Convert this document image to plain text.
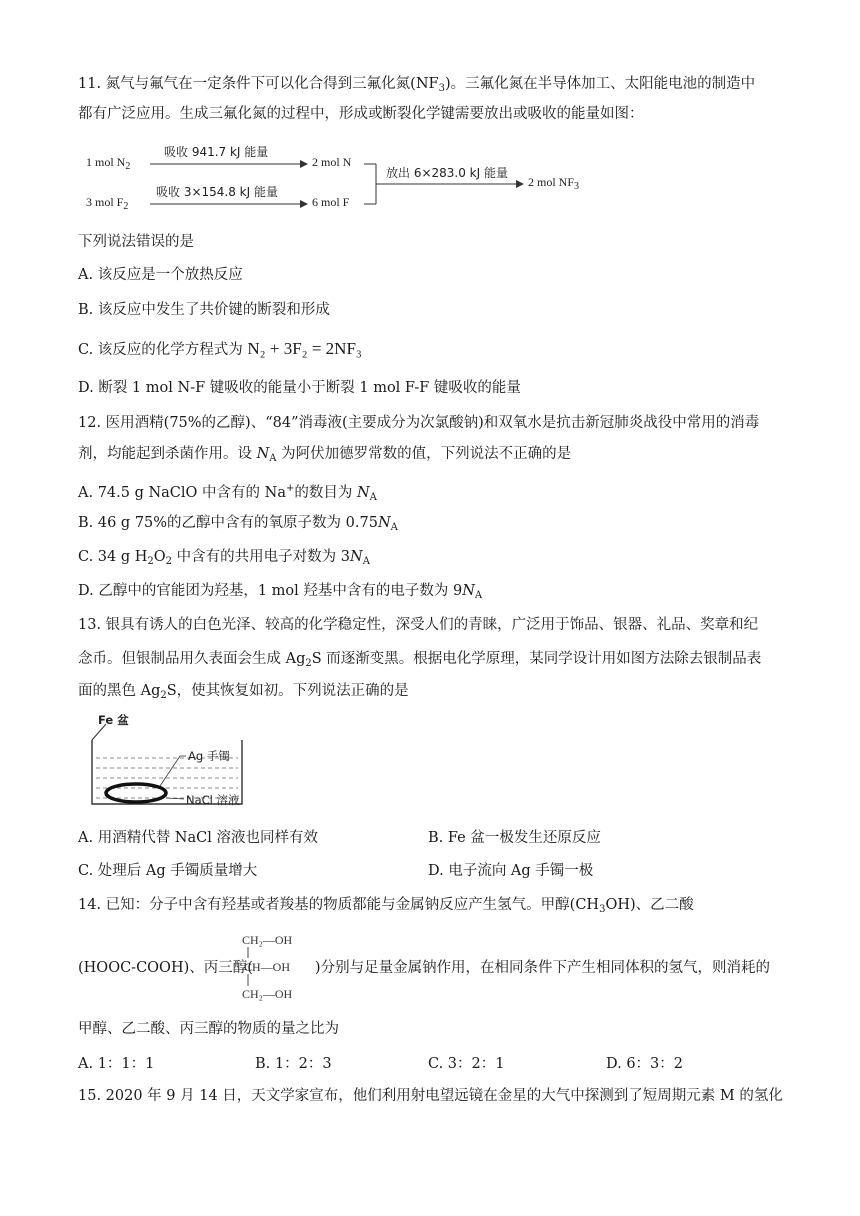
11. 氮气与氟气在一定条件下可以化合得到三氟化氮$(NF_3)$。三氟化氮在半导体加工、太阳能电池的制造中
都有广泛应用。生成三氟化氮的过程中，形成或断裂化学键需要放出或吸收的能量如图：
1 mol $N_2$
3 mol $F_2$
吸收 941.7 kJ 能量
吸收 3×154.8 kJ 能量
2 mol N
6 mol F
放出 6×283.0 kJ 能量
2 mol $NF_3$
下列说法错误的是
A. 该反应是一个放热反应
B. 该反应中发生了共价键的断裂和形成
C. 该反应的化学方程式为 N₂ + 3F₂ = 2NF₃
D. 断裂 1 mol N-F 键吸收的能量小于断裂 1 mol F-F 键吸收的能量
12. 医用酒精(75%的乙醇)、“84”消毒液(主要成分为次氯酸钠)和双氧水是抗击新冠肺炎战役中常用的消毒
剂，均能起到杀菌作用。设 $N_A$ 为阿伏加德罗常数的值，下列说法不正确的是
A. 74.5 g NaClO 中含有的 Na+的数目为 $N_A$
B. 46 g 75%的乙醇中含有的氧原子数为 $0.75N_A$
C. 34 g $H_2O_2$ 中含有的共用电子对数为 $3N_A$
D. 乙醇中的官能团为羟基，1 mol 羟基中含有的电子数为 $9N_A$
13. 银具有诱人的白色光泽、较高的化学稳定性，深受人们的青睐，广泛用于饰品、银器、礼品、奖章和纪
念币。但银制品用久表面会生成 $Ag_2S$ 而逐渐变黑。根据电化学原理，某同学设计用如图方法除去银制品表
面的黑色 $Ag_2S$，使其恢复如初。下列说法正确的是
Fe 盆
Ag 手镯
NaCl 溶液
A. 用酒精代替 NaCl 溶液也同样有效	B. Fe 盆一极发生还原反应
C. 处理后 Ag 手镯质量增大	D. 电子流向 Ag 手镯一极
14. 已知：分子中含有羟基或者羧基的物质都能与金属钠反应产生氢气。甲醇$(CH_3OH)$、乙二酸
(HOOC-COOH)、丙三醇(	)分别与足量金属钠作用，在相同条件下产生相同体积的氢气，则消耗的
CH₂—OH
CH—OH
CH₂—OH
甲醇、乙二酸、丙三醇的物质的量之比为
A. 1：1：1	B. 1：2：3	C. 3：2：1	D. 6：3：2
15. 2020 年 9 月 14 日，天文学家宣布，他们利用射电望远镜在金星的大气中探测到了短周期元素 M 的氢化
